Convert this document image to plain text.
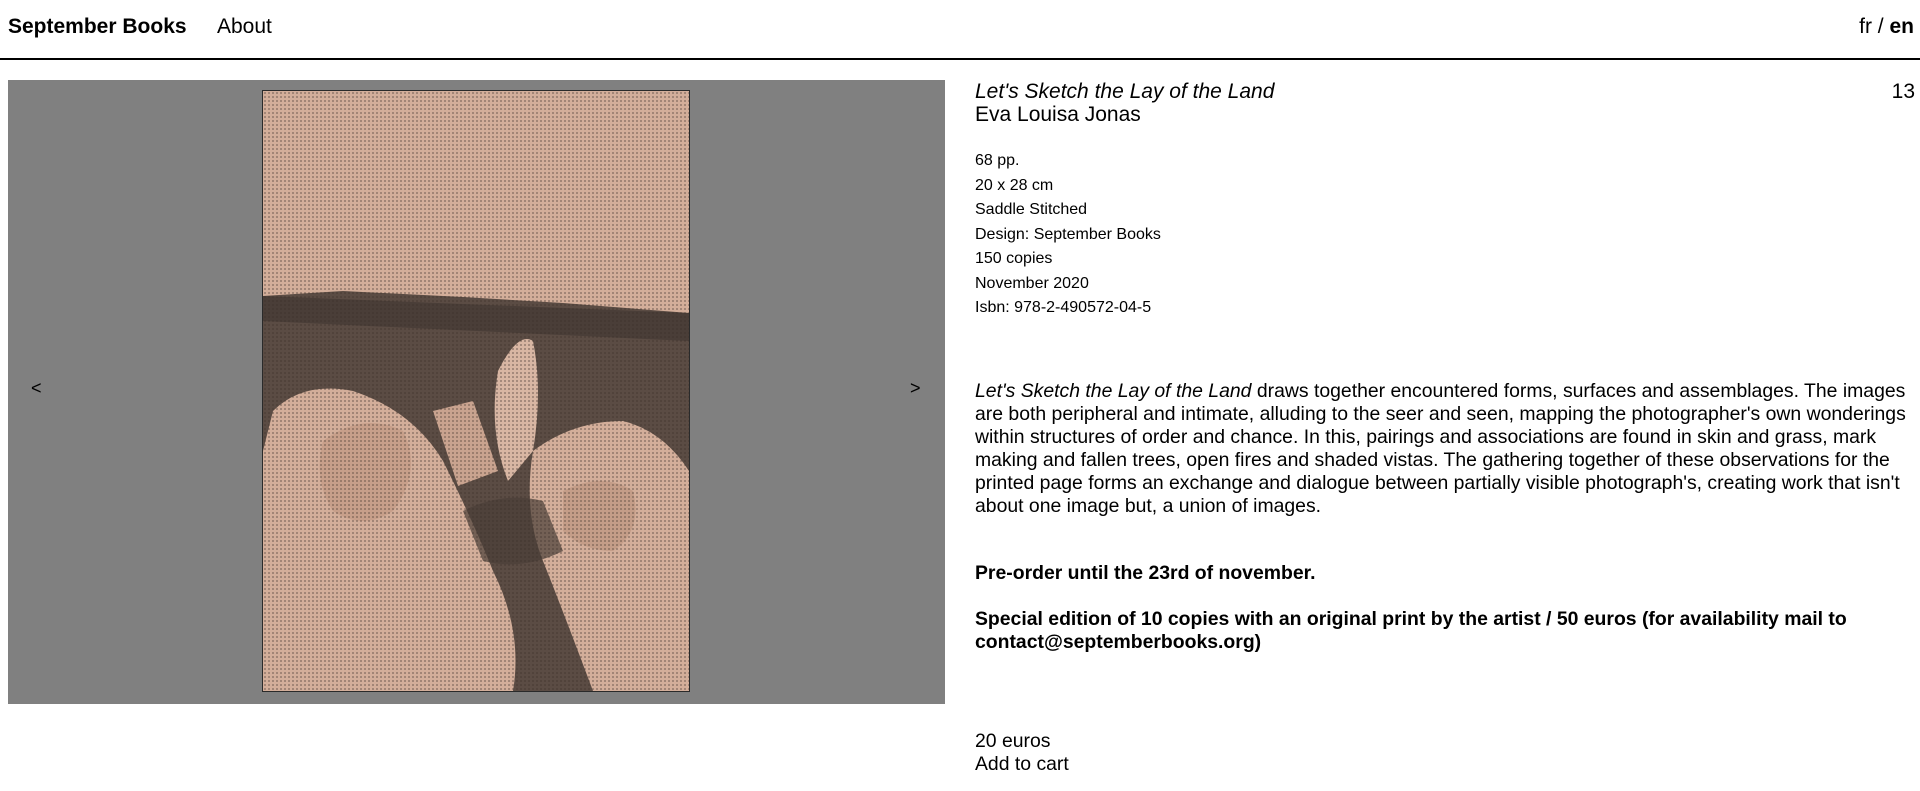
September Books About	fr / en
<	>
Let's Sketch the Lay of the Land	13
Eva Louisa Jonas
68 pp.
20 x 28 cm
Saddle Stitched
Design: September Books
150 copies
November 2020
Isbn: 978-2-490572-04-5
Let's Sketch the Lay of the Land draws together encountered forms, surfaces and assemblages. The images are both peripheral and intimate, alluding to the seer and seen, mapping the photographer's own wonderings within structures of order and chance. In this, pairings and associations are found in skin and grass, mark making and fallen trees, open fires and shaded vistas. The gathering together of these observations for the printed page forms an exchange and dialogue between partially visible photograph's, creating work that isn't about one image but, a union of images.
Pre-order until the 23rd of november.
Special edition of 10 copies with an original print by the artist / 50 euros (for availability mail to contact@septemberbooks.org)
20 euros
Add to cart
